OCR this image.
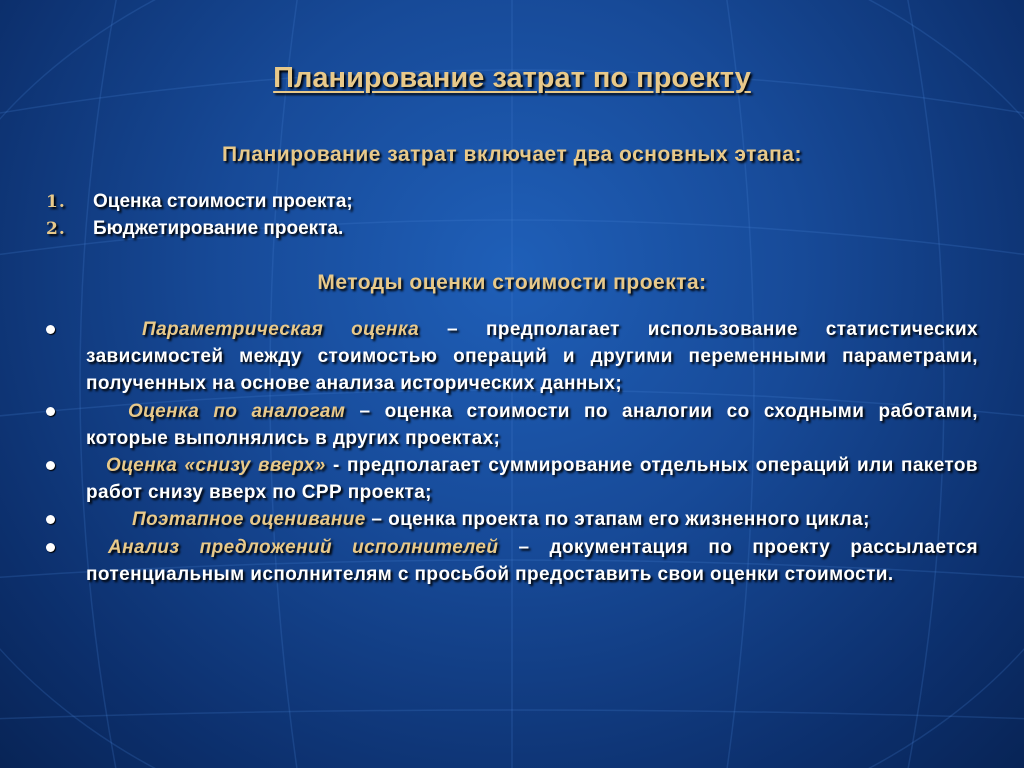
Планирование затрат по проекту
Планирование затрат включает два основных этапа:
1. Оценка стоимости проекта;
2. Бюджетирование проекта.
Методы оценки стоимости проекта:
Параметрическая оценка – предполагает использование статистических зависимостей между стоимостью операций и другими переменными параметрами, полученных на основе анализа исторических данных;
Оценка по аналогам – оценка стоимости по аналогии со сходными работами, которые выполнялись в других проектах;
Оценка «снизу вверх» - предполагает суммирование отдельных операций или пакетов работ снизу вверх по СРР проекта;
Поэтапное оценивание – оценка проекта по этапам его жизненного цикла;
Анализ предложений исполнителей – документация по проекту рассылается потенциальным исполнителям с просьбой предоставить свои оценки стоимости.
